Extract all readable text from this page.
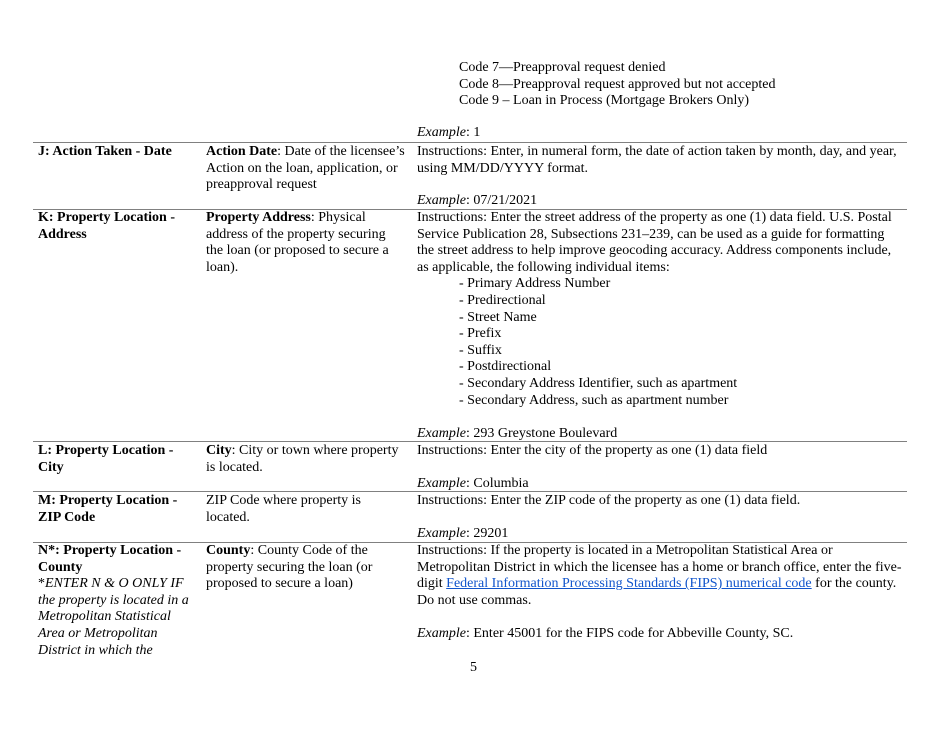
Code 7—Preapproval request denied

Code 8—Preapproval request approved but not accepted

Code 9 – Loan in Process (Mortgage Brokers Only)

Example: 1
J: Action Taken - Date	Action Date: Date of the licensee’s Action on the loan, application, or preapproval request

Instructions: Enter, in numeral form, the date of action taken by month, day, and year, using MM/DD/YYYY format.

Example: 07/21/2021
K: Property Location - Address
Property Address: Physical address of the property securing the loan (or proposed to secure a loan).

Instructions: Enter the street address of the property as one (1) data field. U.S. Postal Service Publication 28, Subsections 231–239, can be used as a guide for formatting the street address to help improve geocoding accuracy. Address components include, as applicable, the following individual items:

- Primary Address Number

- Predirectional

- Street Name

- Prefix

- Suffix

- Postdirectional

- Secondary Address Identifier, such as apartment

- Secondary Address, such as apartment number

Example: 293 Greystone Boulevard
L: Property Location - City
City: City or town where property is located.
Instructions: Enter the city of the property as one (1) data field
Example: Columbia
M: Property Location - ZIP Code
ZIP Code where property is located.
Instructions: Enter the ZIP code of the property as one (1) data field.
Example: 29201
N*: Property Location - County
*ENTER N & O ONLY IF the property is located in a Metropolitan Statistical Area or Metropolitan District in which the
County: County Code of the property securing the loan (or proposed to secure a loan)
Instructions: If the property is located in a Metropolitan Statistical Area or Metropolitan District in which the licensee has a home or branch office, enter the five-digit Federal Information Processing Standards (FIPS) numerical code for the county. Do not use commas.
Example: Enter 45001 for the FIPS code for Abbeville County, SC.
5
